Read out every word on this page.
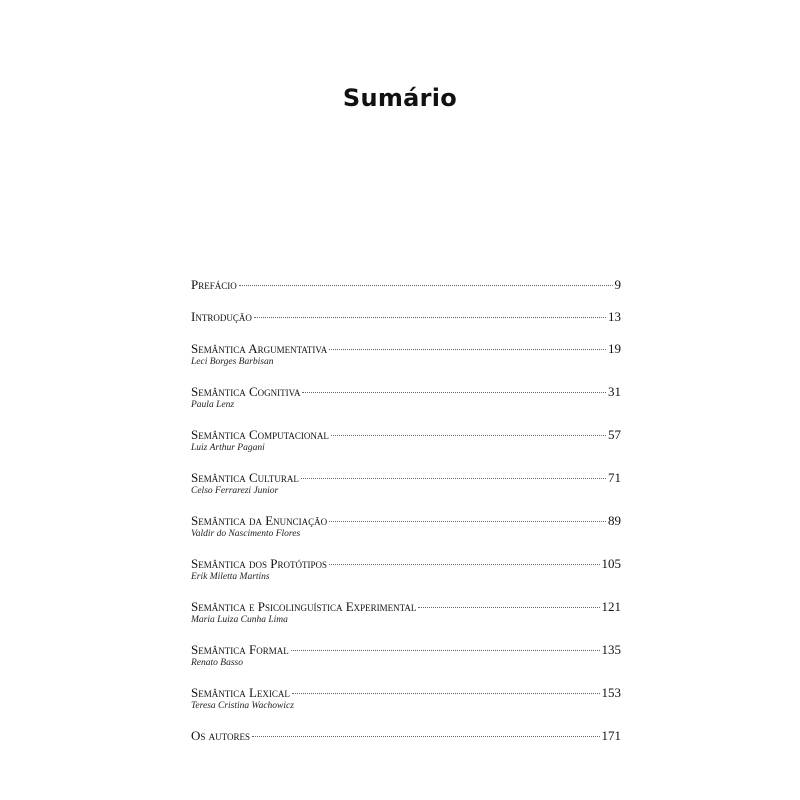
Sumário
Prefácio	9
Introdução	13
Semântica Argumentativa	19
Leci Borges Barbisan
Semântica Cognitiva	31
Paula Lenz
Semântica Computacional	57
Luiz Arthur Pagani
Semântica Cultural	71
Celso Ferrarezi Junior
Semântica da Enunciação	89
Valdir do Nascimento Flores
Semântica dos Protótipos	105
Erik Miletta Martins
Semântica e Psicolinguística Experimental	121
Maria Luiza Cunha Lima
Semântica Formal	135
Renato Basso
Semântica Lexical	153
Teresa Cristina Wachowicz
Os autores	171
